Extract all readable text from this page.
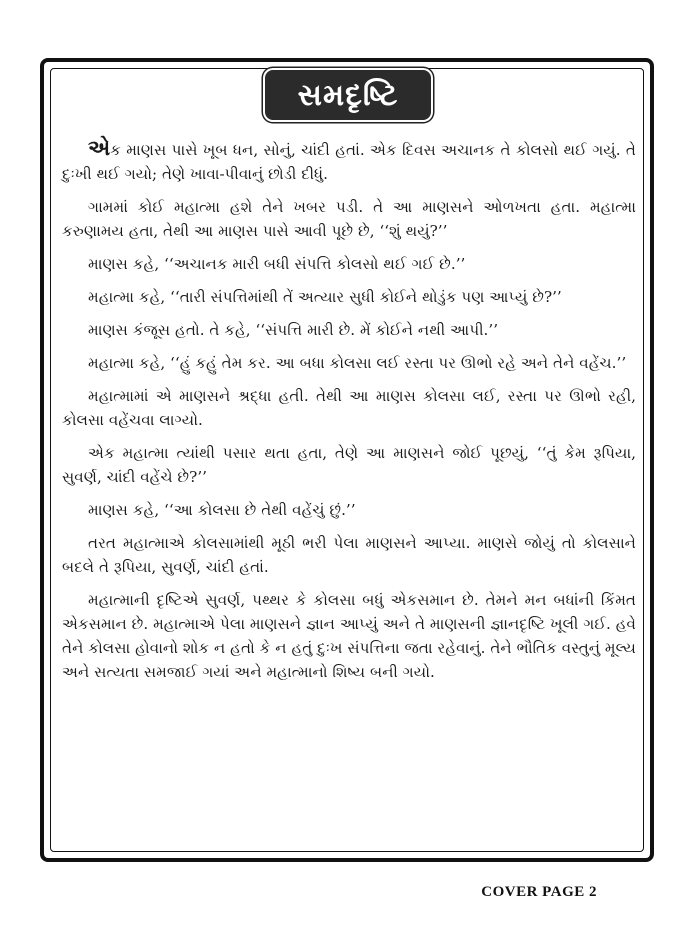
સમદૃષ્ટિ

એક માણસ પાસે ખૂબ ધન, સોનું, ચાંદી હતાં. એક દિવસ અચાનક તે કોલસો થઈ ગયું. તે દુઃખી થઈ ગયો; તેણે ખાવા-પીવાનું છોડી દીધું.

ગામમાં કોઈ મહાત્મા હશે તેને ખબર પડી. તે આ માણસને ઓળખતા હતા. મહાત્મા કરુણામય હતા, તેથી આ માણસ પાસે આવી પૂછે છે, ‘‘શું થયું?’’

માણસ કહે, ‘‘અચાનક મારી બધી સંપત્તિ કોલસો થઈ ગઈ છે.’’

મહાત્મા કહે, ‘‘તારી સંપત્તિમાંથી તેં અત્યાર સુધી કોઈને થોડુંક પણ આપ્યું છે?’’

માણસ કંજૂસ હતો. તે કહે, ‘‘સંપત્તિ મારી છે. મેં કોઈને નથી આપી.’’

મહાત્મા કહે, ‘‘હું કહું તેમ કર. આ બધા કોલસા લઈ રસ્તા પર ઊભો રહે અને તેને વહેંચ.’’

મહાત્મામાં એ માણસને શ્રદ્ધા હતી. તેથી આ માણસ કોલસા લઈ, રસ્તા પર ઊભો રહી, કોલસા વહેંચવા લાગ્યો.

એક મહાત્મા ત્યાંથી પસાર થતા હતા, તેણે આ માણસને જોઈ પૂછયું, ‘‘તું કેમ રૂપિયા, સુવર્ણ, ચાંદી વહેંચે છે?’’

માણસ કહે, ‘‘આ કોલસા છે તેથી વહેંચું છું.’’

તરત મહાત્માએ કોલસામાંથી મૂઠી ભરી પેલા માણસને આપ્યા. માણસે જોયું તો કોલસાને બદલે તે રૂપિયા, સુવર્ણ, ચાંદી હતાં.

મહાત્માની દૃષ્ટિએ સુવર્ણ, પથ્થર કે કોલસા બધું એકસમાન છે. તેમને મન બધાંની કિંમત એકસમાન છે. મહાત્માએ પેલા માણસને જ્ઞાન આપ્યું અને તે માણસની જ્ઞાનદૃષ્ટિ ખૂલી ગઈ. હવે તેને કોલસા હોવાનો શોક ન હતો કે ન હતું દુઃખ સંપત્તિના જતા રહેવાનું. તેને ભૌતિક વસ્તુનું મૂલ્ય અને સત્યતા સમજાઈ ગયાં અને મહાત્માનો શિષ્ય બની ગયો.

COVER PAGE 2
